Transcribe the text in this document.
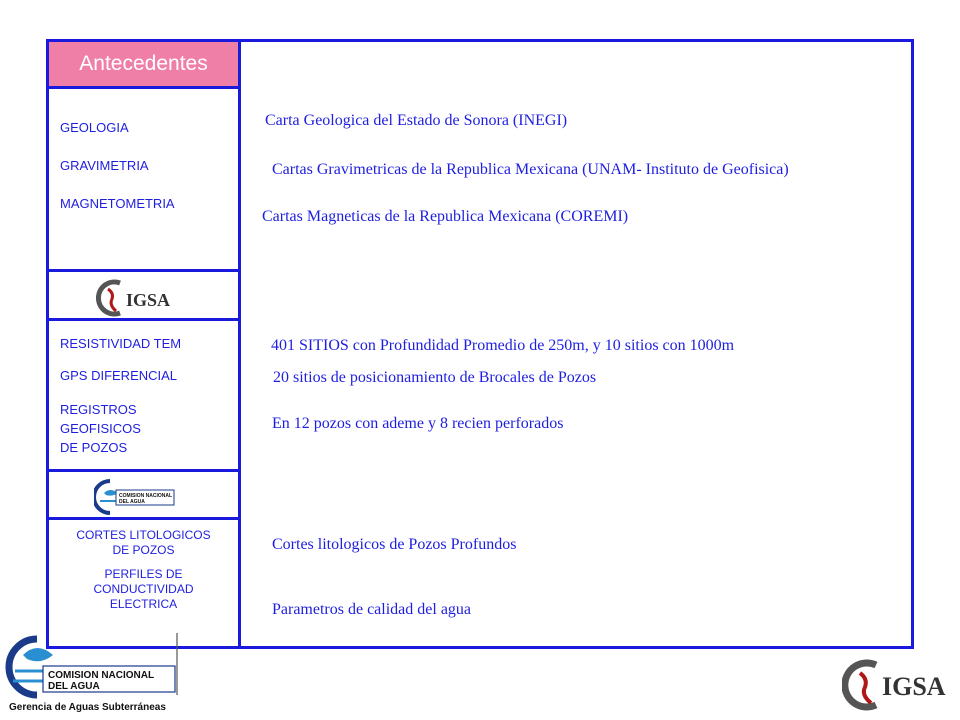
Antecedentes
GEOLOGIA
GRAVIMETRIA
MAGNETOMETRIA
IGSA
RESISTIVIDAD TEM
GPS DIFERENCIAL
REGISTROS
GEOFISICOS
DE POZOS
COMISION NACIONAL
DEL AGUA
CORTES LITOLOGICOS
DE POZOS
PERFILES DE
CONDUCTIVIDAD
ELECTRICA
Carta Geologica del Estado de Sonora (INEGI)
Cartas Gravimetricas de la Republica Mexicana (UNAM- Instituto de Geofisica)
Cartas Magneticas de la Republica Mexicana (COREMI)
401 SITIOS con Profundidad Promedio de 250m, y 10 sitios con 1000m
20 sitios de posicionamiento de Brocales de Pozos
En 12 pozos con ademe y 8 recien perforados
Cortes litologicos de Pozos Profundos
Parametros de calidad del agua
COMISION NACIONAL
DEL AGUA
Gerencia de Aguas Subterráneas
IGSA
